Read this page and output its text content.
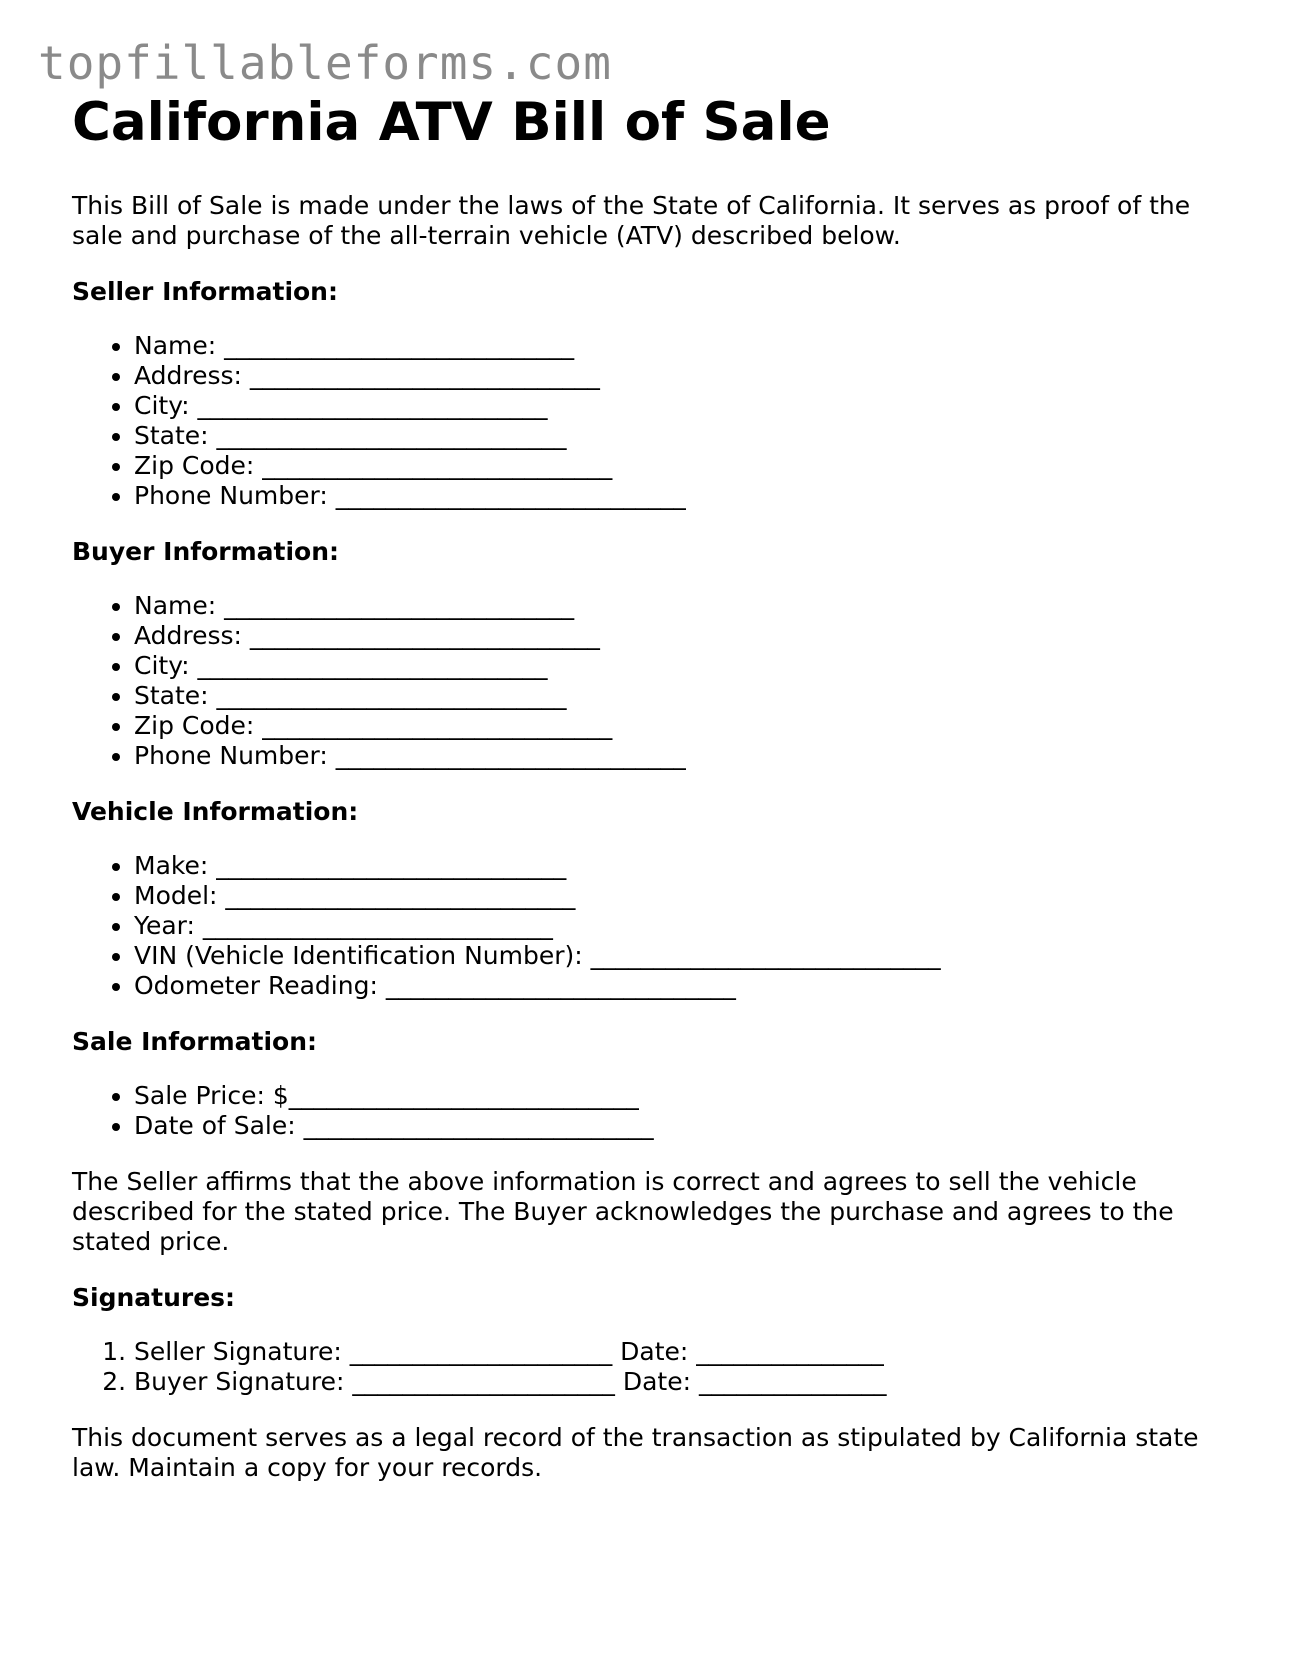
topfillableforms.com
California ATV Bill of Sale

This Bill of Sale is made under the laws of the State of California. It serves as proof of the sale and purchase of the all-terrain vehicle (ATV) described below.

Seller Information:
• Name: ____________________________
• Address: ____________________________
• City: ____________________________
• State: ____________________________
• Zip Code: ____________________________
• Phone Number: ____________________________
Buyer Information:
• Name: ____________________________
• Address: ____________________________
• City: ____________________________
• State: ____________________________
• Zip Code: ____________________________
• Phone Number: ____________________________
Vehicle Information:
• Make: ____________________________
• Model: ____________________________
• Year: ____________________________
• VIN (Vehicle Identification Number): ____________________________
• Odometer Reading: ____________________________
Sale Information:
• Sale Price: $____________________________
• Date of Sale: ____________________________

The Seller affirms that the above information is correct and agrees to sell the vehicle described for the stated price. The Buyer acknowledges the purchase and agrees to the stated price.

Signatures:
1. Seller Signature: _____________________ Date: _______________
2. Buyer Signature: _____________________ Date: _______________

This document serves as a legal record of the transaction as stipulated by California state law. Maintain a copy for your records.
